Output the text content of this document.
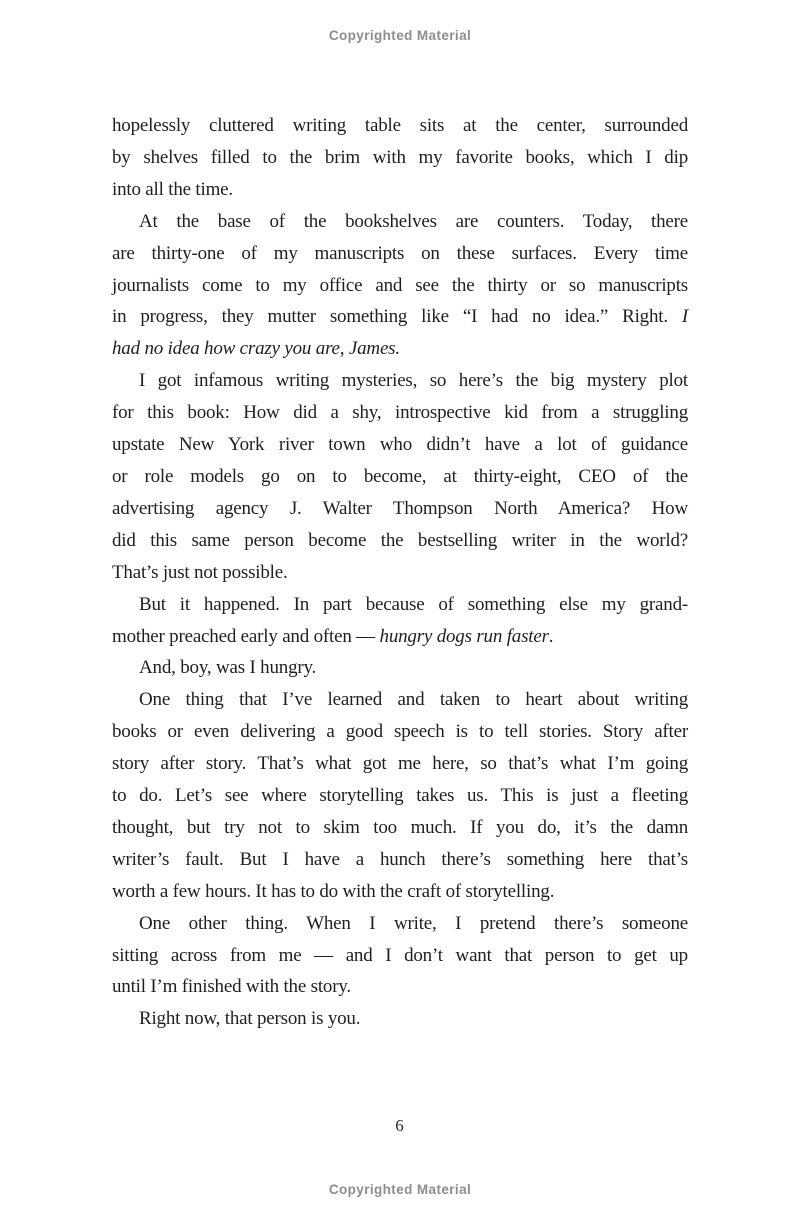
Copyrighted Material
hopelessly cluttered writing table sits at the center, surrounded
by shelves filled to the brim with my favorite books, which I dip
into all the time.
At the base of the bookshelves are counters. Today, there
are thirty-one of my manuscripts on these surfaces. Every time
journalists come to my office and see the thirty or so manuscripts
in progress, they mutter something like “I had no idea.” Right. I
had no idea how crazy you are, James.
I got infamous writing mysteries, so here’s the big mystery plot
for this book: How did a shy, introspective kid from a struggling
upstate New York river town who didn’t have a lot of guidance
or role models go on to become, at thirty-eight, CEO of the
advertising agency J. Walter Thompson North America? How
did this same person become the bestselling writer in the world?
That’s just not possible.
But it happened. In part because of something else my grand-
mother preached early and often — hungry dogs run faster.
And, boy, was I hungry.
One thing that I’ve learned and taken to heart about writing
books or even delivering a good speech is to tell stories. Story after
story after story. That’s what got me here, so that’s what I’m going
to do. Let’s see where storytelling takes us. This is just a fleeting
thought, but try not to skim too much. If you do, it’s the damn
writer’s fault. But I have a hunch there’s something here that’s
worth a few hours. It has to do with the craft of storytelling.
One other thing. When I write, I pretend there’s someone
sitting across from me — and I don’t want that person to get up
until I’m finished with the story.
Right now, that person is you.
6
Copyrighted Material
